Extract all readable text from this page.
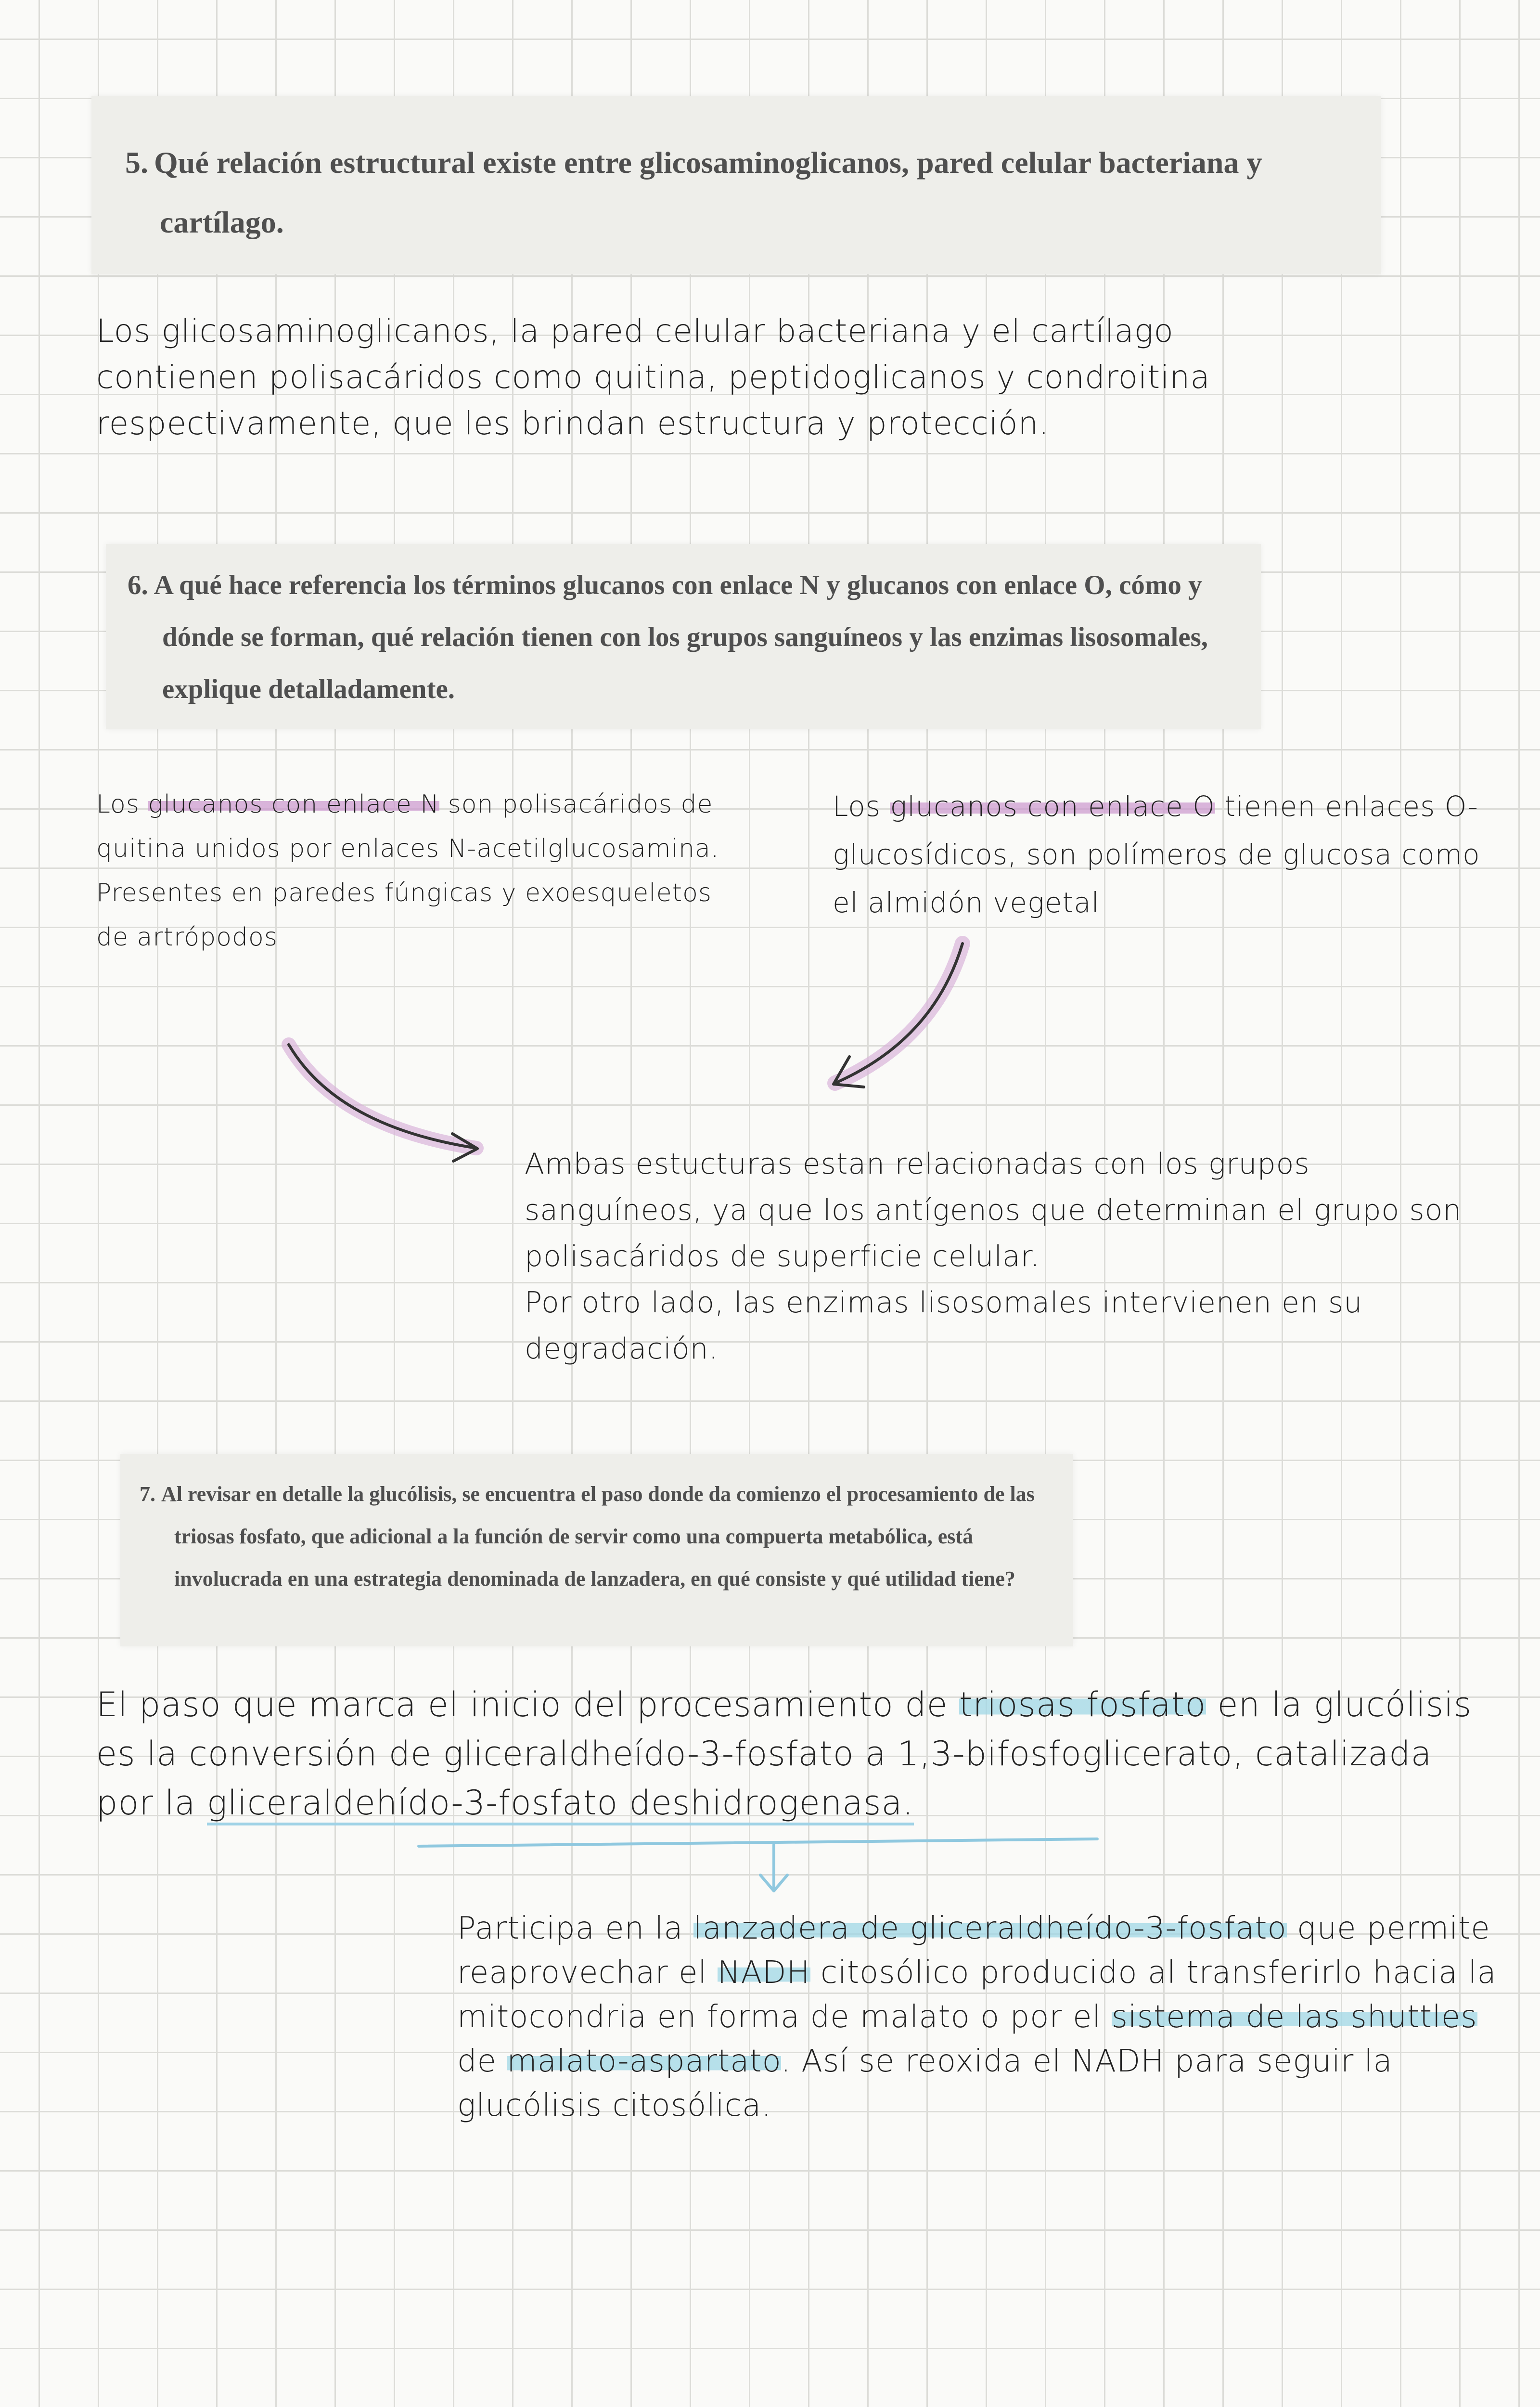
5. Qué relación estructural existe entre glicosaminoglicanos, pared celular bacteriana y cartílago.
Los glicosaminoglicanos, la pared celular bacteriana y el cartílago contienen polisacáridos como quitina, peptidoglicanos y condroitina respectivamente, que les brindan estructura y protección.
6. A qué hace referencia los términos glucanos con enlace N y glucanos con enlace O, cómo y dónde se forman, qué relación tienen con los grupos sanguíneos y las enzimas lisosomales, explique detalladamente.
Los glucanos con enlace N son polisacáridos de quitina unidos por enlaces N-acetilglucosamina. Presentes en paredes fúngicas y exoesqueletos de artrópodos
Los glucanos con enlace O tienen enlaces O-glucosídicos, son polímeros de glucosa como el almidón vegetal
Ambas estucturas estan relacionadas con los grupos sanguíneos, ya que los antígenos que determinan el grupo son polisacáridos de superficie celular.
Por otro lado, las enzimas lisosomales intervienen en su degradación.
7. Al revisar en detalle la glucólisis, se encuentra el paso donde da comienzo el procesamiento de las triosas fosfato, que adicional a la función de servir como una compuerta metabólica, está involucrada en una estrategia denominada de lanzadera, en qué consiste y qué utilidad tiene?
El paso que marca el inicio del procesamiento de triosas fosfato en la glucólisis es la conversión de gliceraldheído-3-fosfato a 1,3-bifosfoglicerato, catalizada por la gliceraldehído-3-fosfato deshidrogenasa.
Participa en la lanzadera de gliceraldheído-3-fosfato que permite reaprovechar el NADH citosólico producido al transferirlo hacia la mitocondria en forma de malato o por el sistema de las shuttles de malato-aspartato. Así se reoxida el NADH para seguir la glucólisis citosólica.
